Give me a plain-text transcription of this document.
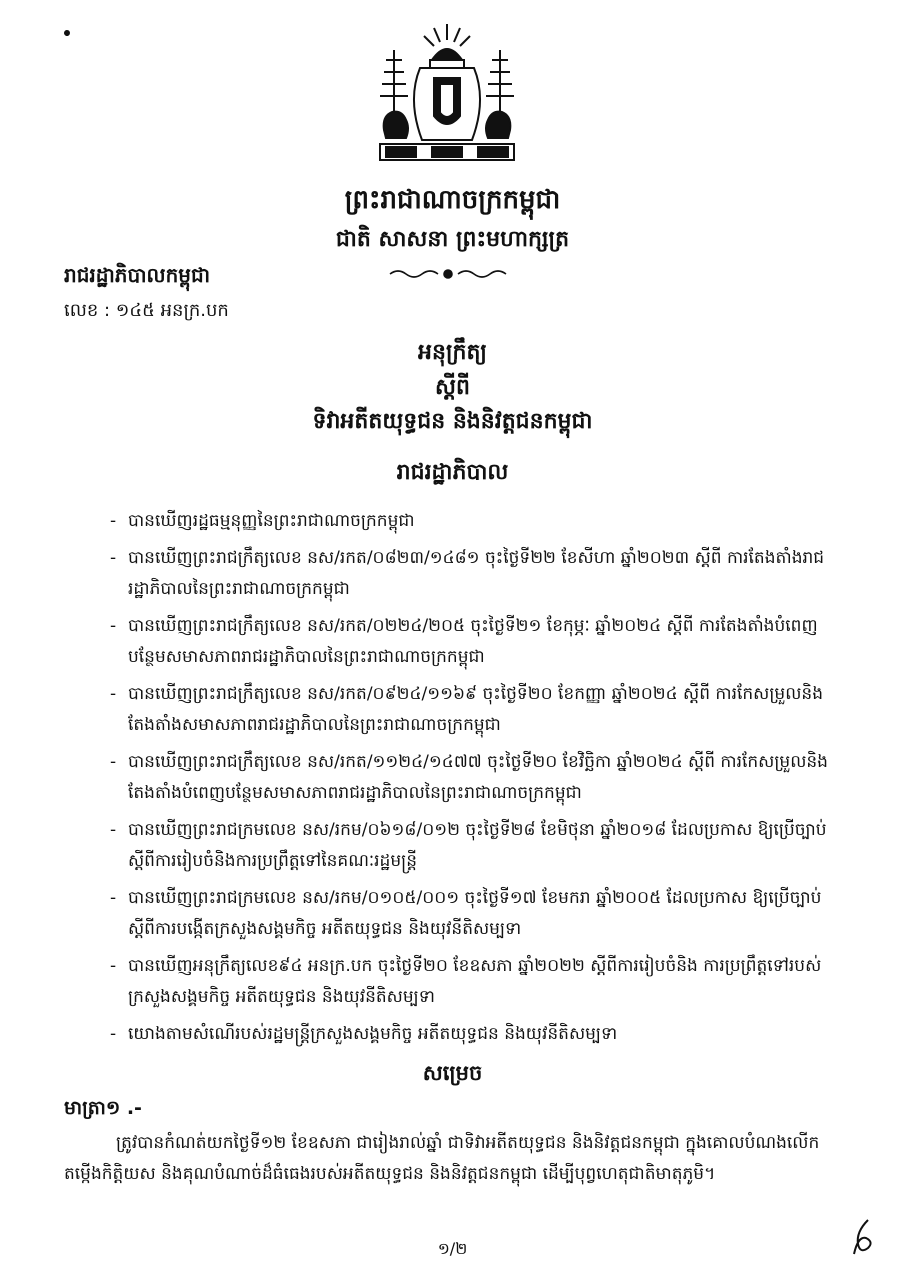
ព្រះរាជាណាចក្រកម្ពុជា
ជាតិ សាសនា ព្រះមហាក្សត្រ
រាជរដ្ឋាភិបាលកម្ពុជា
លេខ : ១៤៥ អនក្រ.បក
អនុក្រឹត្យ
ស្តីពី
ទិវាអតីតយុទ្ធជន និងនិវត្តជនកម្ពុជា
រាជរដ្ឋាភិបាល
- បានឃើញរដ្ឋធម្មនុញ្ញនៃព្រះរាជាណាចក្រកម្ពុជា
- បានឃើញព្រះរាជក្រឹត្យលេខ នស/រកត/០៨២៣/១៤៨១ ចុះថ្ងៃទី២២ ខែសីហា ឆ្នាំ២០២៣ ស្តីពី ការតែងតាំងរាជរដ្ឋាភិបាលនៃព្រះរាជាណាចក្រកម្ពុជា
- បានឃើញព្រះរាជក្រឹត្យលេខ នស/រកត/០២២៤/២០៥ ចុះថ្ងៃទី២១ ខែកុម្ភៈ ឆ្នាំ២០២៤ ស្តីពី ការតែងតាំងបំពេញបន្ថែមសមាសភាពរាជរដ្ឋាភិបាលនៃព្រះរាជាណាចក្រកម្ពុជា
- បានឃើញព្រះរាជក្រឹត្យលេខ នស/រកត/០៩២៤/១១៦៩ ចុះថ្ងៃទី២០ ខែកញ្ញា ឆ្នាំ២០២៤ ស្តីពី ការកែសម្រួលនិងតែងតាំងសមាសភាពរាជរដ្ឋាភិបាលនៃព្រះរាជាណាចក្រកម្ពុជា
- បានឃើញព្រះរាជក្រឹត្យលេខ នស/រកត/១១២៤/១៤៧៧ ចុះថ្ងៃទី២០ ខែវិច្ឆិកា ឆ្នាំ២០២៤ ស្តីពី ការកែសម្រួលនិងតែងតាំងបំពេញបន្ថែមសមាសភាពរាជរដ្ឋាភិបាលនៃព្រះរាជាណាចក្រកម្ពុជា
- បានឃើញព្រះរាជក្រមលេខ នស/រកម/០៦១៨/០១២ ចុះថ្ងៃទី២៨ ខែមិថុនា ឆ្នាំ២០១៨ ដែលប្រកាស ឱ្យប្រើច្បាប់ស្តីពីការរៀបចំនិងការប្រព្រឹត្តទៅនៃគណៈរដ្ឋមន្ត្រី
- បានឃើញព្រះរាជក្រមលេខ នស/រកម/០១០៥/០០១ ចុះថ្ងៃទី១៧ ខែមករា ឆ្នាំ២០០៥ ដែលប្រកាស ឱ្យប្រើច្បាប់ស្តីពីការបង្កើតក្រសួងសង្គមកិច្ច អតីតយុទ្ធជន និងយុវនីតិសម្បទា
- បានឃើញអនុក្រឹត្យលេខ៩៤ អនក្រ.បក ចុះថ្ងៃទី២០ ខែឧសភា ឆ្នាំ២០២២ ស្តីពីការរៀបចំនិង ការប្រព្រឹត្តទៅរបស់ក្រសួងសង្គមកិច្ច អតីតយុទ្ធជន និងយុវនីតិសម្បទា
- យោងតាមសំណើរបស់រដ្ឋមន្ត្រីក្រសួងសង្គមកិច្ច អតីតយុទ្ធជន និងយុវនីតិសម្បទា
សម្រេច
មាត្រា១ .-

ត្រូវបានកំណត់យកថ្ងៃទី១២ ខែឧសភា ជារៀងរាល់ឆ្នាំ ជាទិវាអតីតយុទ្ធជន និងនិវត្តជនកម្ពុជា ក្នុងគោលបំណងលើកតម្កើងកិត្តិយស និងគុណបំណាច់ដ៏ធំធេងរបស់អតីតយុទ្ធជន និងនិវត្តជនកម្ពុជា ដើម្បីបុព្វហេតុជាតិមាតុភូមិ។

១/២
